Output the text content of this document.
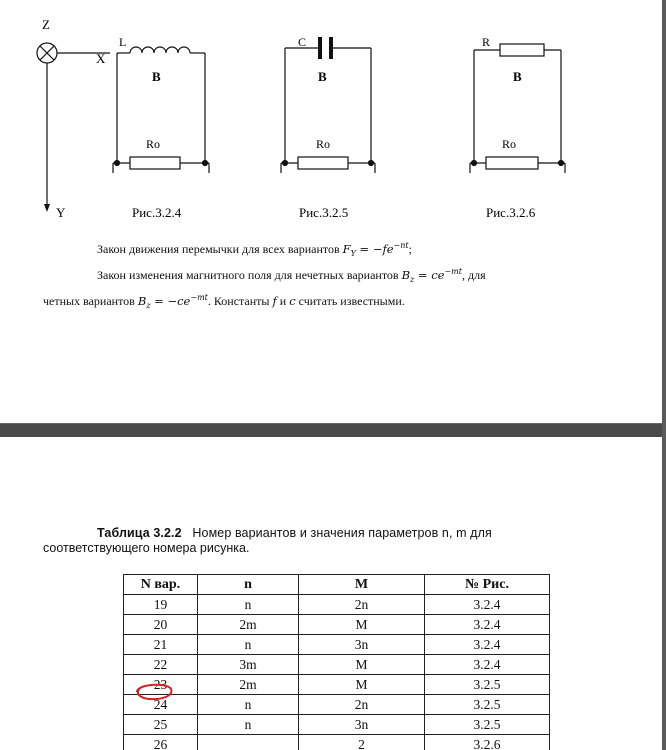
Z
X
Y
L
B
Ro
Рис.3.2.4
C
B
Ro
Рис.3.2.5
R
B
Ro
Рис.3.2.6
Закон движения перемычки для всех вариантов $F_Y = -fe^{-nt}$;
Закон изменения магнитного поля для нечетных вариантов $B_z = ce^{-mt}$, для
четных вариантов $B_z = -ce^{-mt}$. Константы f и c считать известными.
Таблица 3.2.2 Номер вариантов и значения параметров n, m для
соответствующего номера рисунка.
N вар.	n	M	№ Рис.
19	n	2n	3.2.4
20	2m	M	3.2.4
21	n	3n	3.2.4
22	3m	M	3.2.4
23	2m	M	3.2.5
24	n	2n	3.2.5
25	n	3n	3.2.5
26		2	3.2.6
